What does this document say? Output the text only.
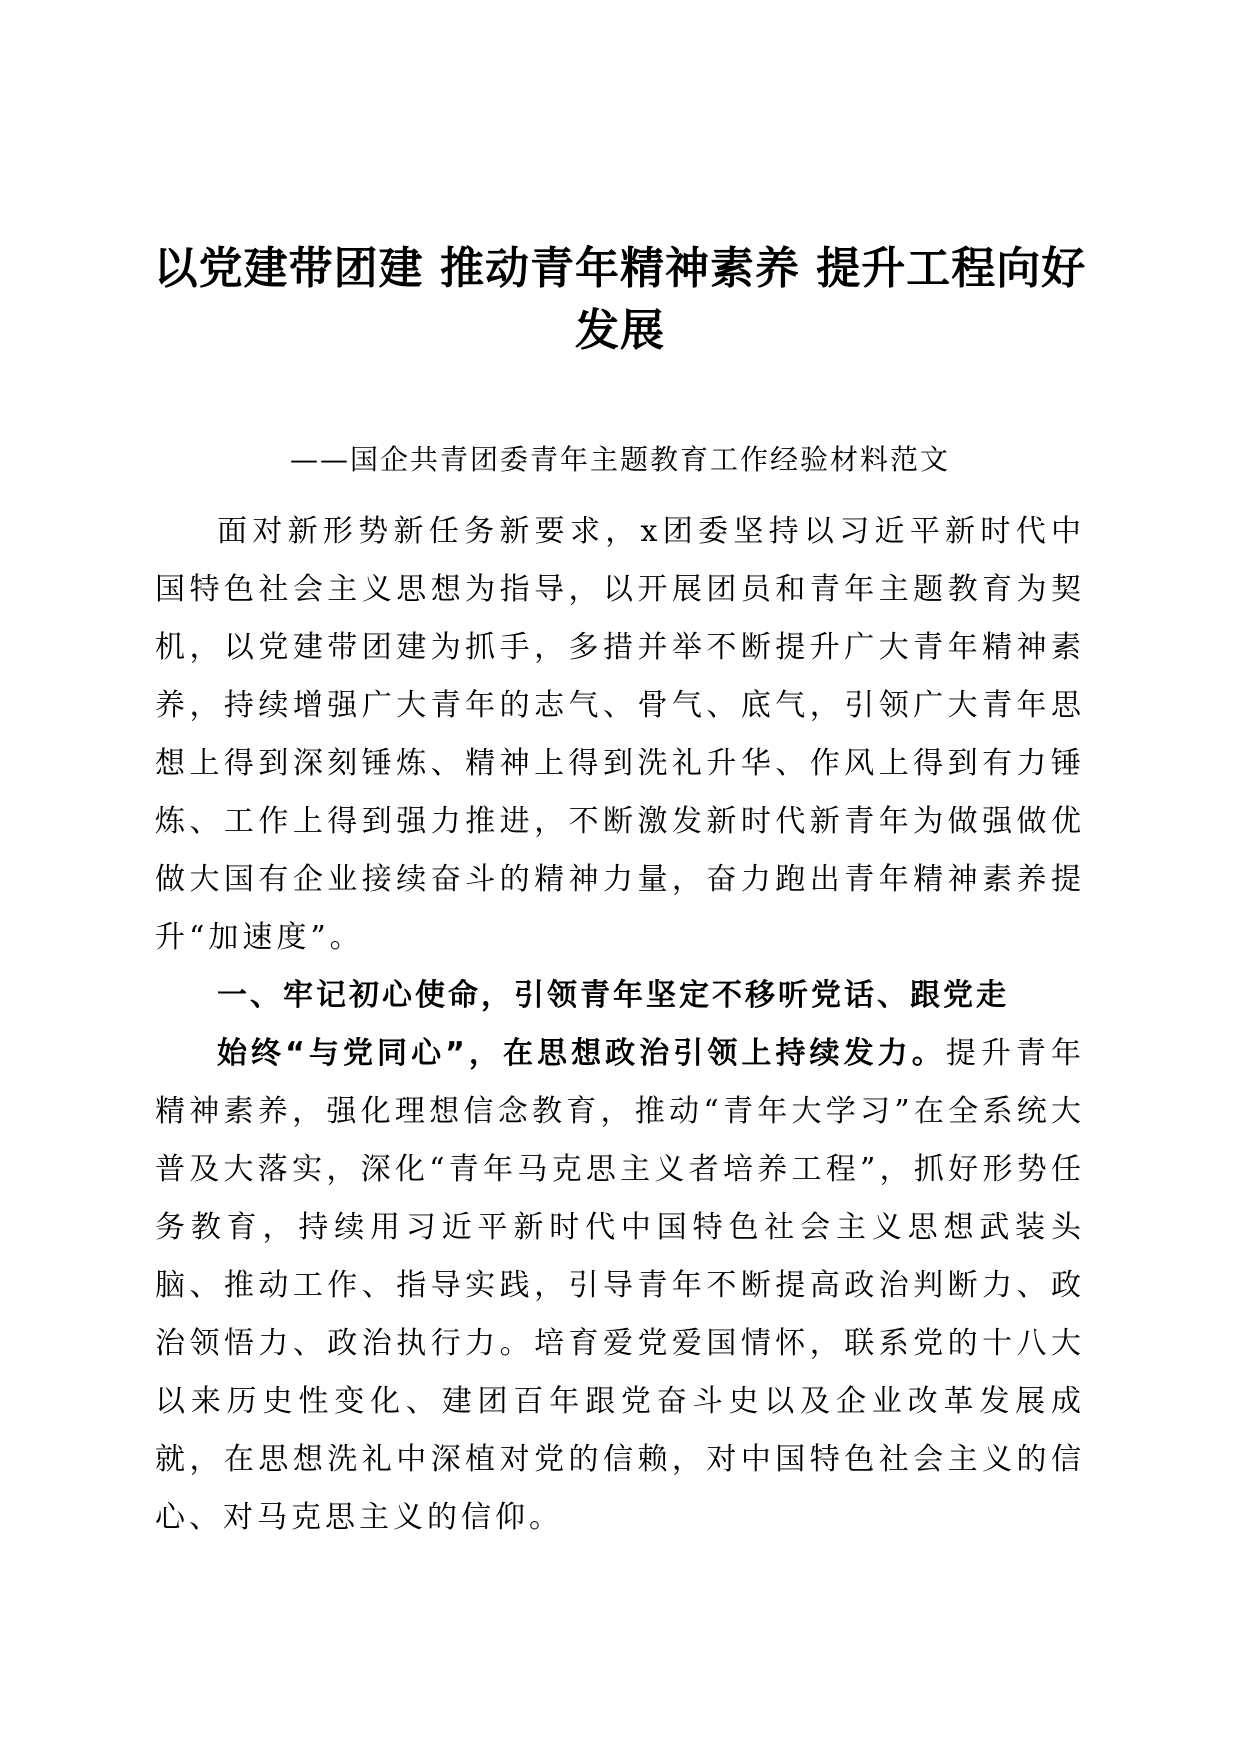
以党建带团建 推动青年精神素养 提升工程向好发展

——国企共青团委青年主题教育工作经验材料范文

面对新形势新任务新要求，x团委坚持以习近平新时代中国特色社会主义思想为指导，以开展团员和青年主题教育为契机，以党建带团建为抓手，多措并举不断提升广大青年精神素养，持续增强广大青年的志气、骨气、底气，引领广大青年思想上得到深刻锤炼、精神上得到洗礼升华、作风上得到有力锤炼、工作上得到强力推进，不断激发新时代新青年为做强做优做大国有企业接续奋斗的精神力量，奋力跑出青年精神素养提升“加速度”。

一、牢记初心使命，引领青年坚定不移听党话、跟党走

始终“与党同心”，在思想政治引领上持续发力。提升青年精神素养，强化理想信念教育，推动“青年大学习”在全系统大普及大落实，深化“青年马克思主义者培养工程”，抓好形势任务教育，持续用习近平新时代中国特色社会主义思想武装头脑、推动工作、指导实践，引导青年不断提高政治判断力、政治领悟力、政治执行力。培育爱党爱国情怀，联系党的十八大以来历史性变化、建团百年跟党奋斗史以及企业改革发展成就，在思想洗礼中深植对党的信赖，对中国特色社会主义的信心、对马克思主义的信仰。
